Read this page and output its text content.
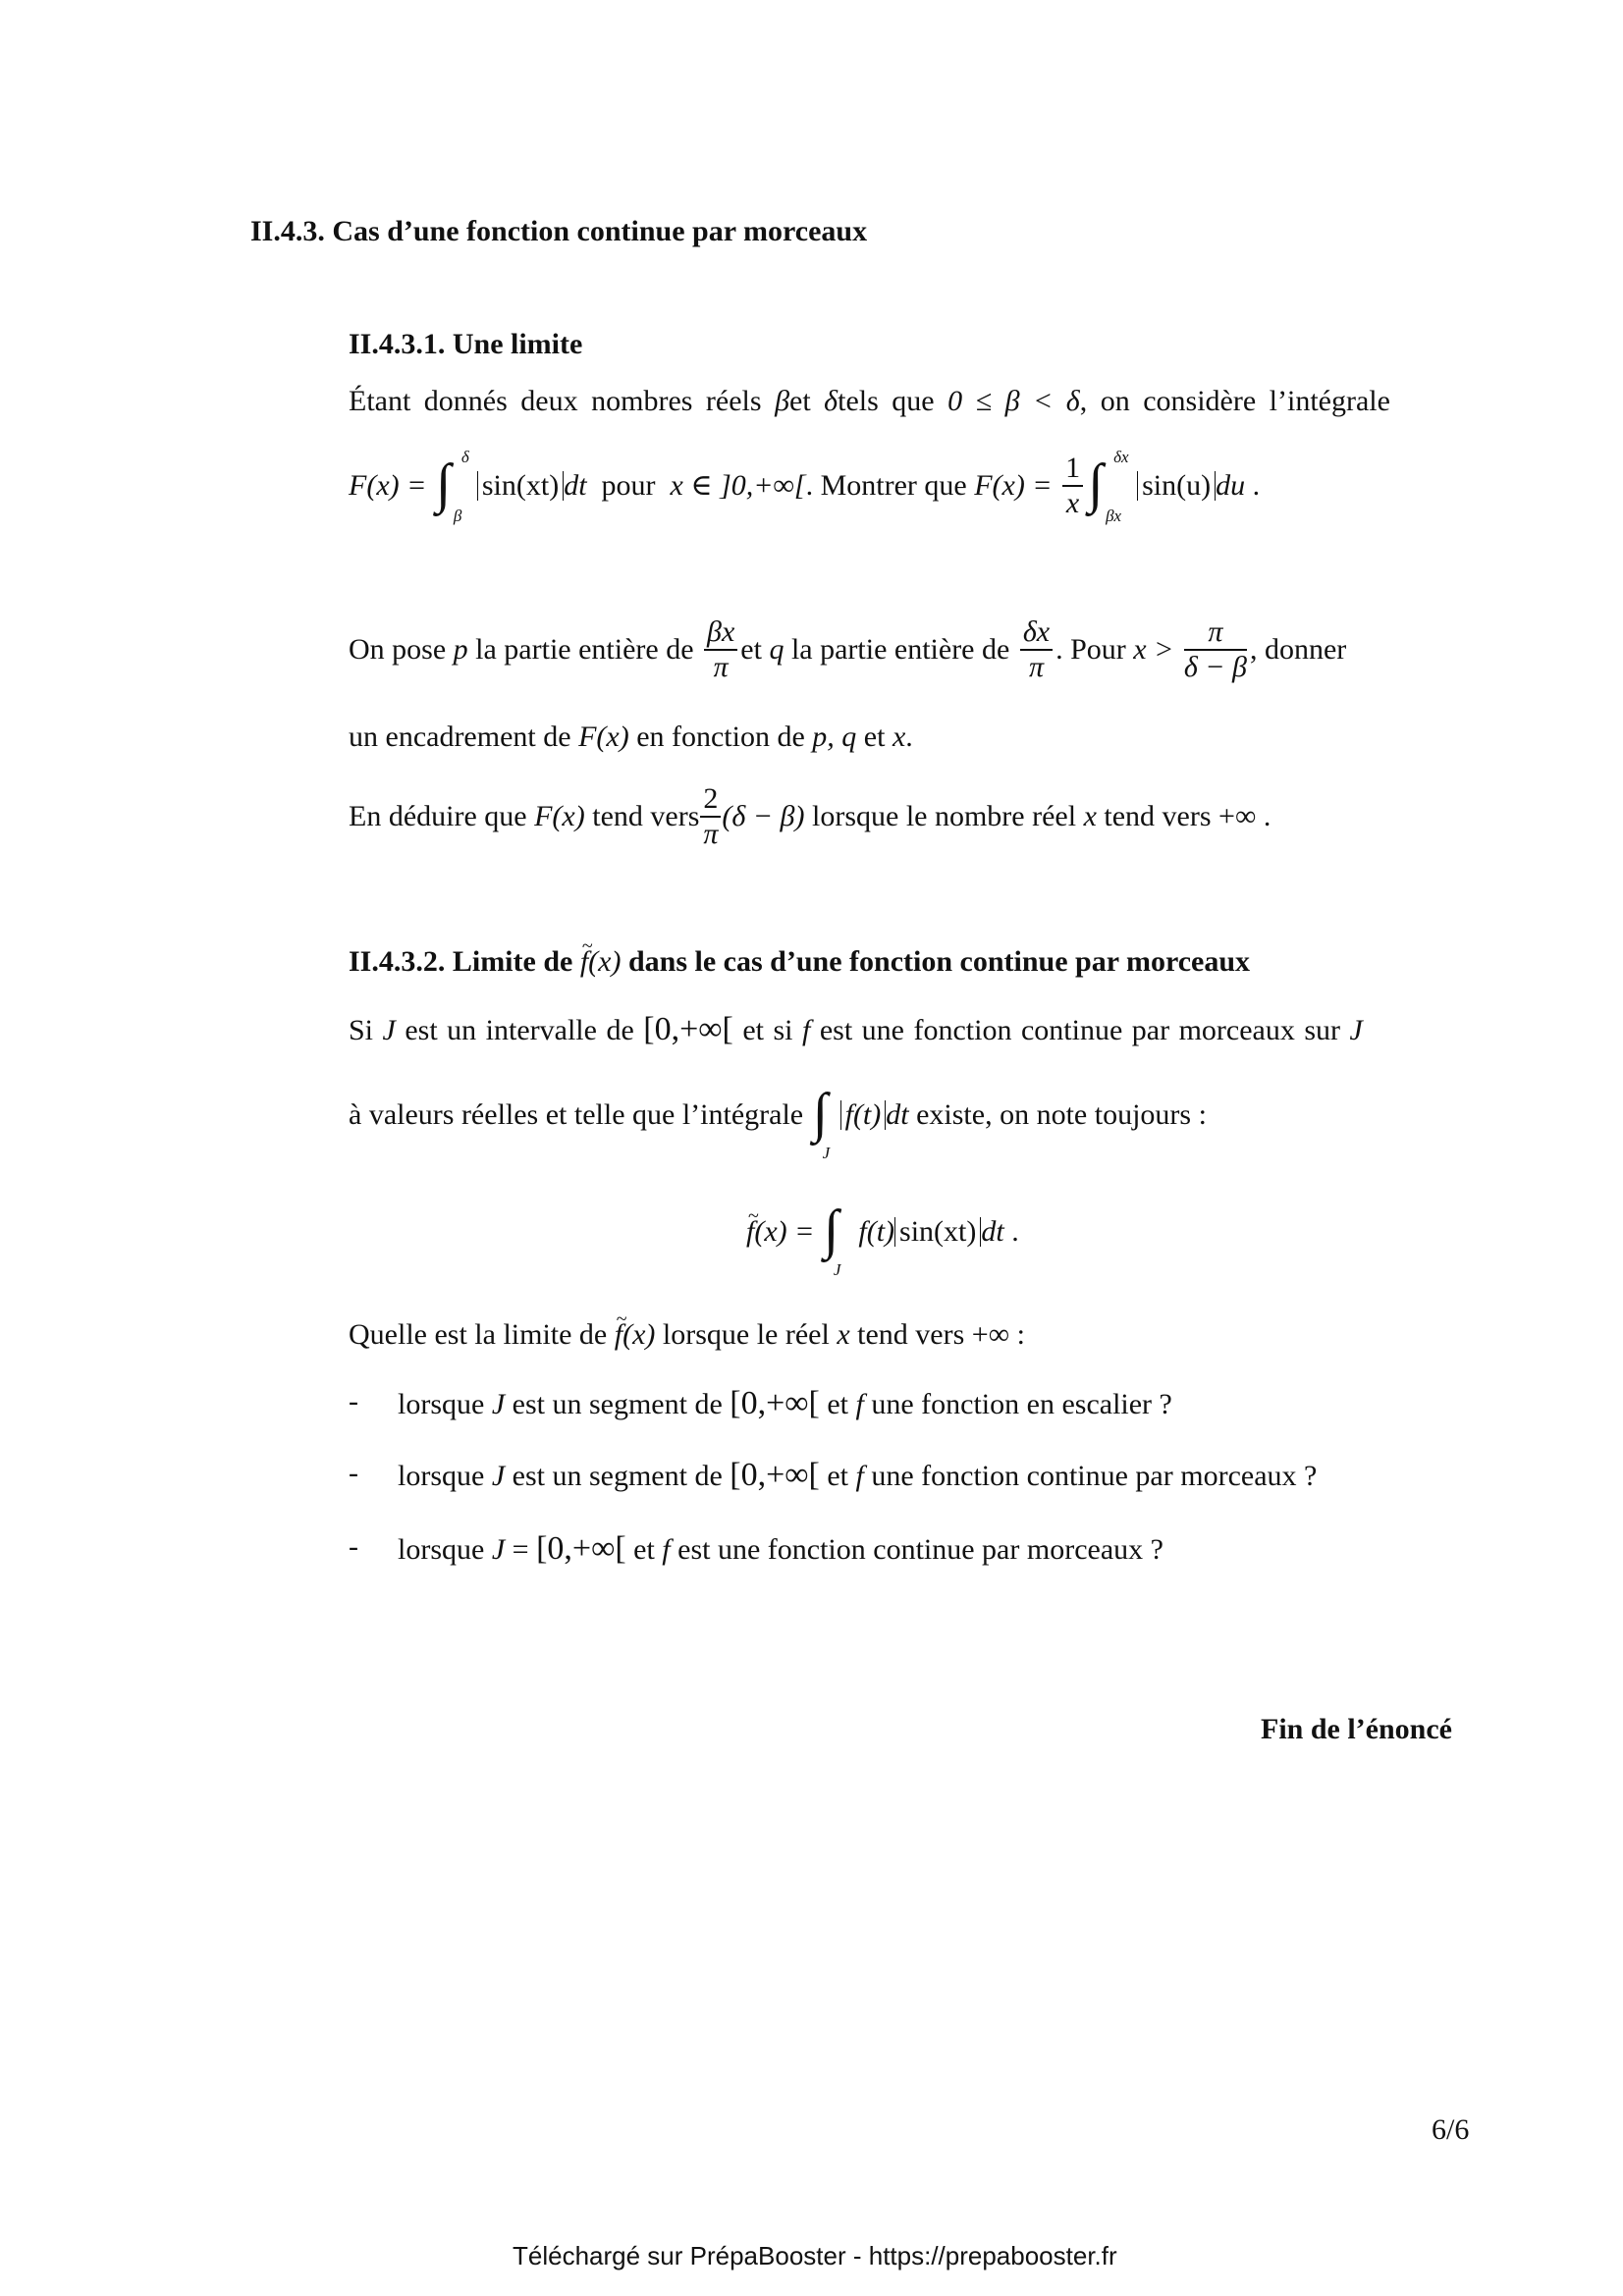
II.4.3. Cas d’une fonction continue par morceaux
II.4.3.1. Une limite
Étant donnés deux nombres réels βet δtels que 0 ≤ β < δ, on considère l’intégrale
F(x) = ∫ δ
β
sin(xt) dt pour x ∈ ]0,+∞[. Montrer que $F(x) = \frac{1}{x}$ ∫ δx
βx
sin(u) du .
On pose p la partie entière de $\frac{\beta x}{\pi}$ et q la partie entière de $\frac{\delta x}{\pi}$ . Pour $x > \frac{\pi}{\delta - \beta}$ , donner
un encadrement de F(x) en fonction de p, q et x.
En déduire que F(x) tend vers $\frac{2}{\pi} (\delta - \beta)$ lorsque le nombre réel x tend vers +∞ .
II.4.3.2. Limite de ~ f(x) dans le cas d’une fonction continue par morceaux
Si J est un intervalle de [0,+∞[ et si f est une fonction continue par morceaux sur J
à valeurs réelles et telle que l’intégrale ∫
J
f(t) dt existe, on note toujours :
~ f(x) = ∫
J
f(t) sin(xt) dt .
Quelle est la limite de ~ f(x) lorsque le réel x tend vers +∞ :
- lorsque J est un segment de [0,+∞[ et f une fonction en escalier ?
- lorsque J est un segment de [0,+∞[ et f une fonction continue par morceaux ?
- lorsque J = [0,+∞[ et f est une fonction continue par morceaux ?
Fin de l’énoncé
6/6
Téléchargé sur PrépaBooster - https://prepabooster.fr
